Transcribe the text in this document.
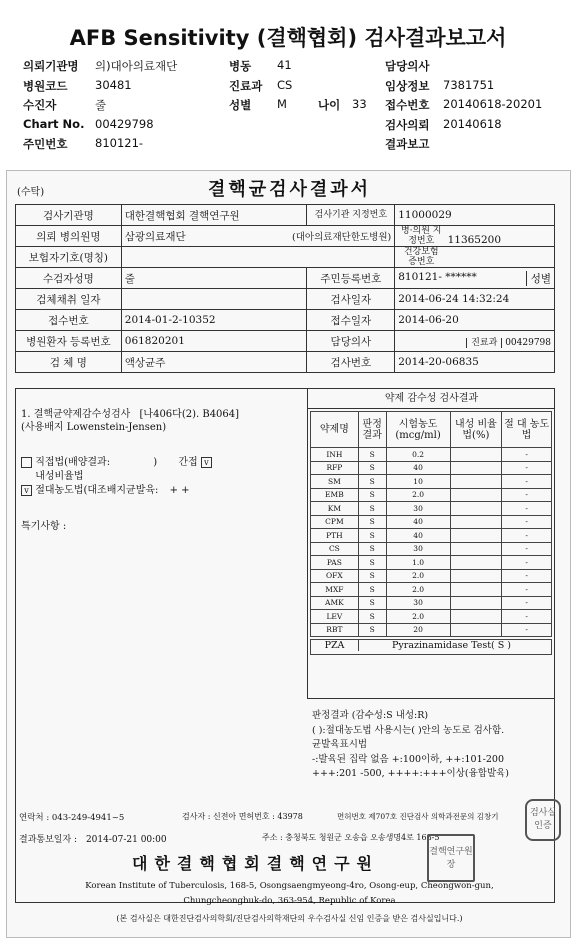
AFB Sensitivity (결핵협회) 검사결과보고서
의뢰기관명 의)대아의료재단	병동 41	담당의사
병원코드 30481	진료과 CS	임상정보 7381751
수진자	줄	성별 M	나이 33 접수번호 20140618-20201
Chart No. 00429798	검사의뢰 20140618
주민번호 810121-	결과보고
(수탁)	결핵균검사결과서
검사기관명	대한결핵협회 결핵연구원	검사기관 지정번호	11000029
의뢰 병의원명	삼광의료재단 (대아의료재단한도병원)		병·의원 지정번호 11365200
보험자기호(명칭)			건강보험 증번호
수검자성명	줄	주민등록번호	810121- ****** 성별

검체채취 일자		검사일자	2014-06-24 14:32:24
접수번호	2014-01-2-10352	접수일자	2014-06-20
병원환자 등록번호	061820201	담당의사	진료과 00429798
검 체 명	액상균주	검사번호	2014-20-06835
1. 결핵균약제감수성검사 [나406다(2). B4064]
(사용배지 Lowenstein-Jensen)
직접법(배양결과:	) 간접 v
내성비율법
v 절대농도법(대조배지균발육: + +
특기사항 :
약제 감수성 검사결과
약제명	판정 결과	시험농도 (mcg/ml)	내성 비율법(%)	절 대 농도법
INH	S	0.2		-
RFP	S	40		-
SM	S	10		-
EMB	S	2.0		-
KM	S	30		-
CPM	S	40		-
PTH	S	40		-
CS	S	30		-
PAS	S	1.0		-
OFX	S	2.0		-
MXF	S	2.0		-
AMK	S	30		-
LEV	S	2.0		-
RBT	S	20		-
PZA	Pyrazinamidase Test( S )
판정결과 (감수성:S 내성:R)
( ):절대농도법 사용시는( )안의 농도로 검사함.
균발육표시법
-:발육된 집락 없음 +:100이하, ++:101-200
+++:201 -500, ++++:+++이상(융합발육)
연락처 : 043-249-4941~5	검사자 : 신전아 면허번호 : 43978	면허번호 제707호 진단검사 의학과전문의 김창기
결과통보일자 : 2014-07-21 00:00	주소 : 충청북도 청원군 오송읍 오송생명4로 168-5
대한결핵협회결핵연구원
Korean Institute of Tuberculosis, 168-5, Osongsaengmyeong-4ro, Osong-eup, Cheongwon-gun,
Chungcheongbuk-do, 363-954, Republic of Korea
(본 검사실은 대한진단검사의학회/진단검사의학재단의 우수검사실 신임 인증을 받은 검사실입니다.)
검사실 인증
결핵연구원장
